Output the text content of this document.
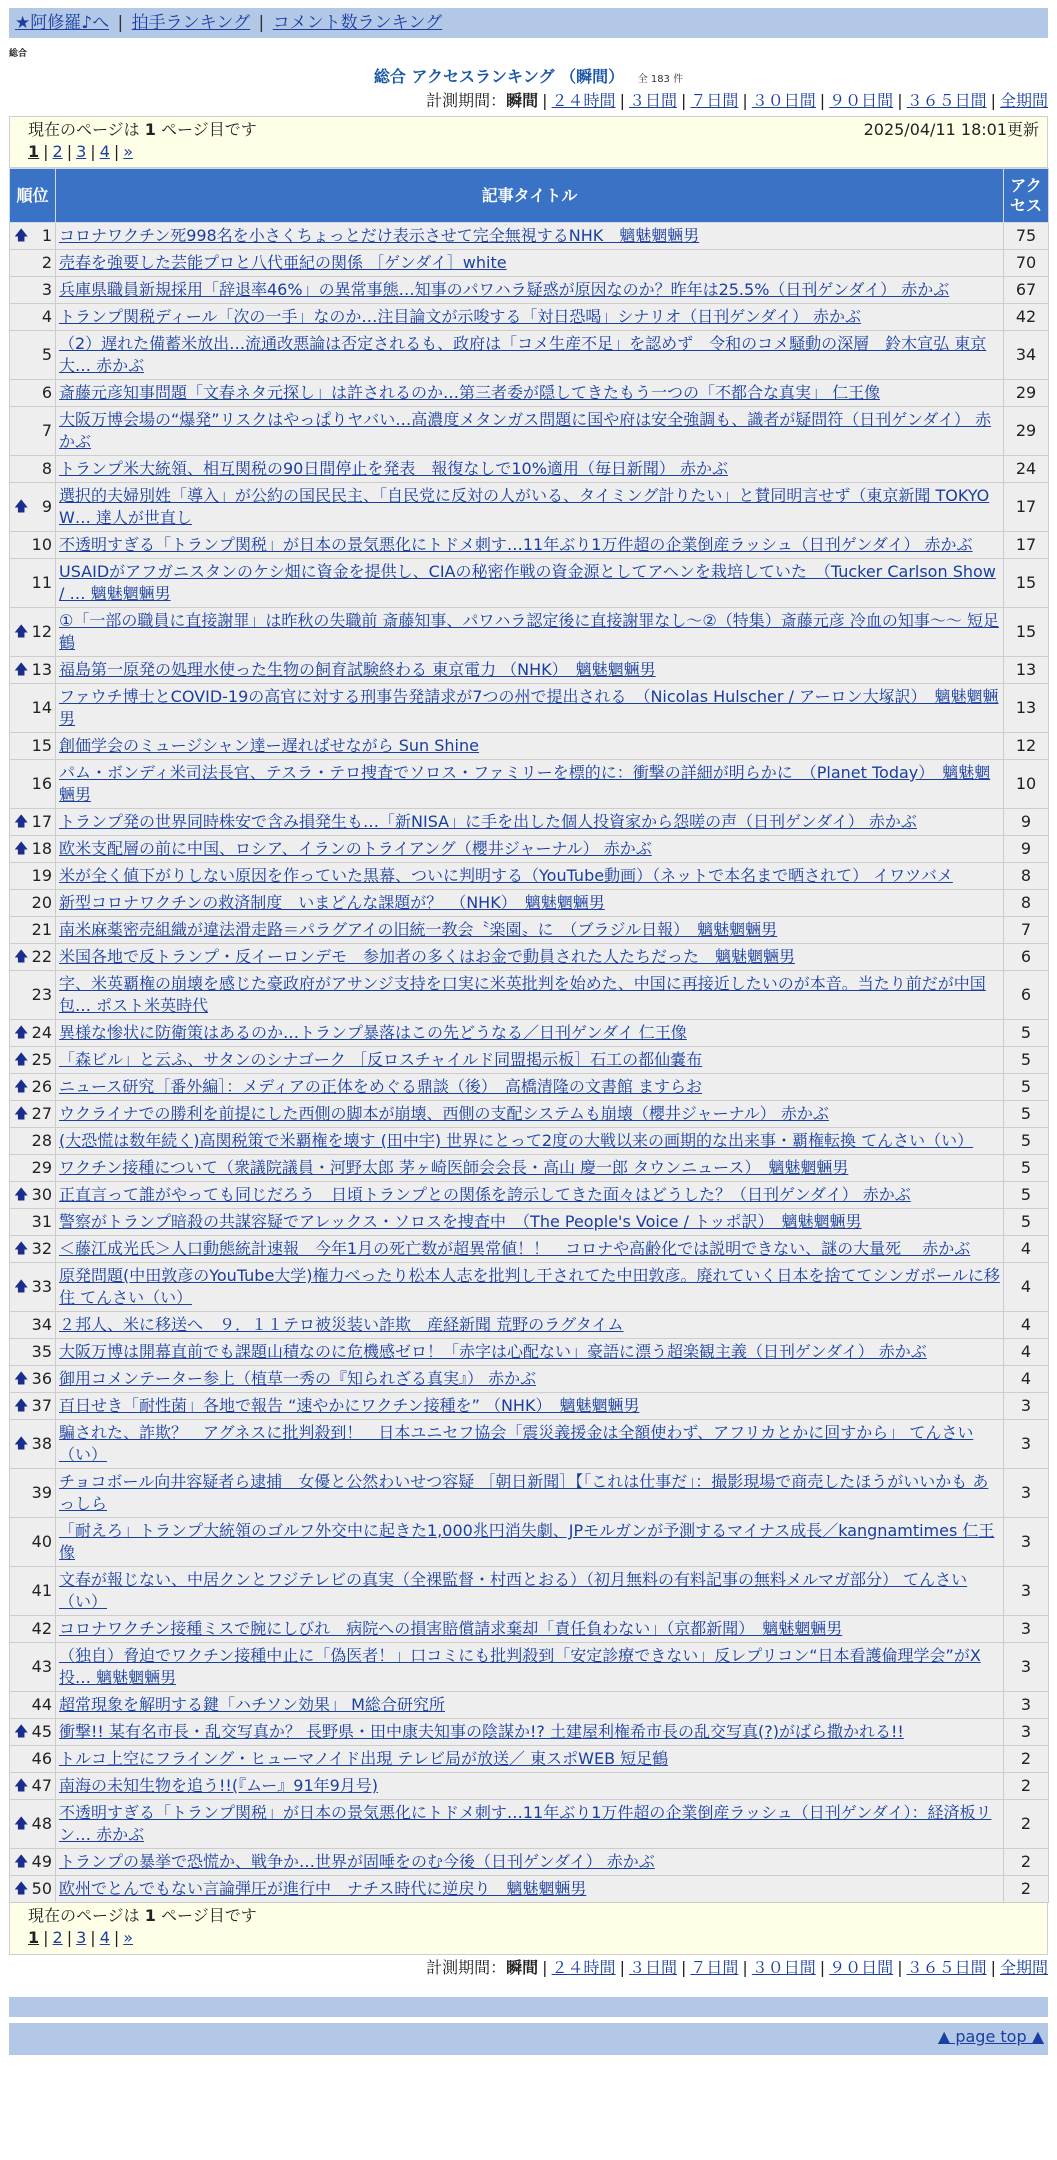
★阿修羅♪へ | 拍手ランキング | コメント数ランキング
総合
総合 アクセスランキング （瞬間） 全 183 件
計測期間：瞬間 | ２４時間 | ３日間 | ７日間 | ３０日間 | ９０日間 | ３６５日間 | 全期間
現在のページは 1 ページ目です	2025/04/11 18:01更新
1 | 2 | 3 | 4 | »
順位	記事タイトル	アクセス

🡅 1	コロナワクチン死998名を小さくちょっとだけ表示させて完全無視するNHK　魑魅魍魎男	75
2	売春を強要した芸能プロと八代亜紀の関係 ［ゲンダイ］white	70
3	兵庫県職員新規採用「辞退率46%」の異常事態…知事のパワハラ疑惑が原因なのか？昨年は25.5%（日刊ゲンダイ） 赤かぶ	67
4	トランプ関税ディール「次の一手」なのか…注目論文が示唆する「対日恐喝」シナリオ（日刊ゲンダイ） 赤かぶ	42
5	（2）遅れた備蓄米放出…流通改悪論は否定されるも、政府は「コメ生産不足」を認めず　令和のコメ騒動の深層　鈴木宣弘 東京大… 赤かぶ	34
6	斎藤元彦知事問題「文春ネタ元探し」は許されるのか…第三者委が隠してきたもう一つの「不都合な真実」 仁王像	29
7	大阪万博会場の“爆発”リスクはやっぱりヤバい…高濃度メタンガス問題に国や府は安全強調も、識者が疑問符（日刊ゲンダイ） 赤かぶ	29
8	トランプ米大統領、相互関税の90日間停止を発表　報復なしで10%適用（毎日新聞） 赤かぶ	24

🡅 9	選択的夫婦別姓「導入」が公約の国民民主、「自民党に反対の人がいる、タイミング計りたい」と賛同明言せず（東京新聞 TOKYO W… 達人が世直し	17
10	不透明すぎる「トランプ関税」が日本の景気悪化にトドメ刺す…11年ぶり1万件超の企業倒産ラッシュ（日刊ゲンダイ） 赤かぶ	17
11	USAIDがアフガニスタンのケシ畑に資金を提供し、CIAの秘密作戦の資金源としてアヘンを栽培していた　（Tucker Carlson Show / … 魑魅魍魎男	15

🡅 12	①「一部の職員に直接謝罪」は昨秋の失職前 斎藤知事、パワハラ認定後に直接謝罪なし～②（特集）斎藤元彦 冷血の知事～～ 短足鶴	15

🡅 13	福島第一原発の処理水使った生物の飼育試験終わる 東京電力 （NHK）　魑魅魍魎男	13
14	ファウチ博士とCOVID-19の高官に対する刑事告発請求が7つの州で提出される　（Nicolas Hulscher / アーロン大塚訳）　魑魅魍魎男	13
15	創価学会のミュージシャン達ー遅ればせながら Sun Shine	12
16	パム・ボンディ米司法長官、テスラ・テロ捜査でソロス・ファミリーを標的に：衝撃の詳細が明らかに　（Planet Today）　魑魅魍魎男	10

🡅 17	トランプ発の世界同時株安で含み損発生も…「新NISA」に手を出した個人投資家から怨嗟の声（日刊ゲンダイ） 赤かぶ	9

🡅 18	欧米支配層の前に中国、ロシア、イランのトライアング（櫻井ジャーナル） 赤かぶ	9
19	米が全く値下がりしない原因を作っていた黒幕、ついに判明する（YouTube動画）（ネットで本名まで晒されて） イワツバメ	8
20	新型コロナワクチンの救済制度　いまどんな課題が？　（NHK）　魑魅魍魎男	8
21	南米麻薬密売組織が違法滑走路＝パラグアイの旧統一教会〝楽園〟に　（ブラジル日報）　魑魅魍魎男	7

🡅 22	米国各地で反トランプ・反イーロンデモ　参加者の多くはお金で動員された人たちだった　魑魅魍魎男	6
23	字、米英覇権の崩壊を感じた豪政府がアサンジ支持を口実に米英批判を始めた、中国に再接近したいのが本音。当たり前だが中国包… ポスト米英時代	6

🡅 24	異様な惨状に防衛策はあるのか…トランプ暴落はこの先どうなる／日刊ゲンダイ 仁王像	5

🡅 25	「森ビル」と云ふ、サタンのシナゴーク ［反ロスチャイルド同盟掲示板］石工の都仙嚢布	5

🡅 26	ニュース研究［番外編］：メディアの正体をめぐる鼎談（後）　高橋清隆の文書館 ますらお	5

🡅 27	ウクライナでの勝利を前提にした西側の脚本が崩壊、西側の支配システムも崩壊（櫻井ジャーナル） 赤かぶ	5
28	(大恐慌は数年続く)高関税策で米覇権を壊す (田中宇) 世界にとって2度の大戦以来の画期的な出来事・覇権転換 てんさい（い）	5
29	ワクチン接種について（衆議院議員・河野太郎 茅ヶ崎医師会会長・高山 慶一郎 タウンニュース）　魑魅魍魎男	5

🡅 30	正直言って誰がやっても同じだろう　日頃トランプとの関係を誇示してきた面々はどうした？（日刊ゲンダイ） 赤かぶ	5
31	警察がトランプ暗殺の共謀容疑でアレックス・ソロスを捜査中　（The People's Voice / トッポ訳）　魑魅魍魎男	5

🡅 32	＜藤江成光氏＞人口動態統計速報　今年1月の死亡数が超異常値！！　コロナや高齢化では説明できない、謎の大量死　 赤かぶ	4

🡅 33	原発問題(中田敦彦のYouTube大学)権力べったり松本人志を批判し干されてた中田敦彦。廃れていく日本を捨ててシンガポールに移住 てんさい（い）	4
34	２邦人、米に移送へ　９．１１テロ被災装い詐欺　産経新聞 荒野のラグタイム	4
35	大阪万博は開幕直前でも課題山積なのに危機感ゼロ！「赤字は心配ない」豪語に漂う超楽観主義（日刊ゲンダイ） 赤かぶ	4

🡅 36	御用コメンテーター参上（植草一秀の『知られざる真実』） 赤かぶ	4

🡅 37	百日せき「耐性菌」各地で報告 “速やかにワクチン接種を” （NHK）　魑魅魍魎男	3

🡅 38	騙された、詐欺？　アグネスに批判殺到！　日本ユニセフ協会「震災義援金は全額使わず、アフリカとかに回すから」 てんさい（い）	3
39	チョコボール向井容疑者ら逮捕　女優と公然わいせつ容疑 ［朝日新聞］【「これは仕事だ」：撮影現場で商売したほうがいいかも あっしら	3
40	「耐えろ」トランプ大統領のゴルフ外交中に起きた1,000兆円消失劇、JPモルガンが予測するマイナス成長／kangnamtimes 仁王像	3
41	文春が報じない、中居クンとフジテレビの真実（全裸監督・村西とおる）（初月無料の有料記事の無料メルマガ部分） てんさい（い）	3
42	コロナワクチン接種ミスで腕にしびれ　病院への損害賠償請求棄却「責任負わない」（京都新聞）　魑魅魍魎男	3
43	（独自）脅迫でワクチン接種中止に「偽医者！」口コミにも批判殺到「安定診療できない」反レプリコン“日本看護倫理学会”がX投… 魑魅魍魎男	3
44	超常現象を解明する鍵「ハチソン効果」 M総合研究所	3

🡅 45	衝撃!! 某有名市長・乱交写真か？ 長野県・田中康夫知事の陰謀か!? 土建屋利権希市長の乱交写真(?)がばら撒かれる!!	3
46	トルコ上空にフライング・ヒューマノイド出現 テレビ局が放送／ 東スポWEB 短足鶴	2

🡅 47	南海の未知生物を追う!!(『ムー』91年9月号)	2

🡅 48	不透明すぎる「トランプ関税」が日本の景気悪化にトドメ刺す…11年ぶり1万件超の企業倒産ラッシュ（日刊ゲンダイ）：経済板リン… 赤かぶ	2

🡅 49	トランプの暴挙で恐慌か、戦争か…世界が固唾をのむ今後（日刊ゲンダイ） 赤かぶ	2

🡅 50	欧州でとんでもない言論弾圧が進行中　ナチス時代に逆戻り　魑魅魍魎男	2
現在のページは 1 ページ目です
1 | 2 | 3 | 4 | »
計測期間：瞬間 | ２４時間 | ３日間 | ７日間 | ３０日間 | ９０日間 | ３６５日間 | 全期間
▲ page top ▲
